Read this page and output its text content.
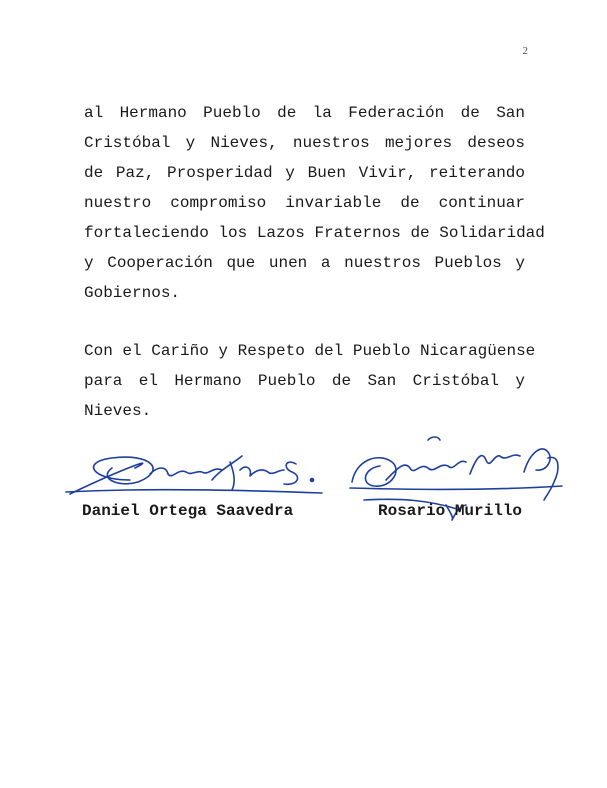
2
al Hermano Pueblo de la Federación de San
Cristóbal y Nieves, nuestros mejores deseos
de Paz, Prosperidad y Buen Vivir, reiterando
nuestro compromiso invariable de continuar
fortaleciendo los Lazos Fraternos de Solidaridad
y Cooperación que unen a nuestros Pueblos y
Gobiernos.
Con el Cariño y Respeto del Pueblo Nicaragüense
para el Hermano Pueblo de San Cristóbal y
Nieves.

Daniel Ortega Saavedra	Rosario Murillo
